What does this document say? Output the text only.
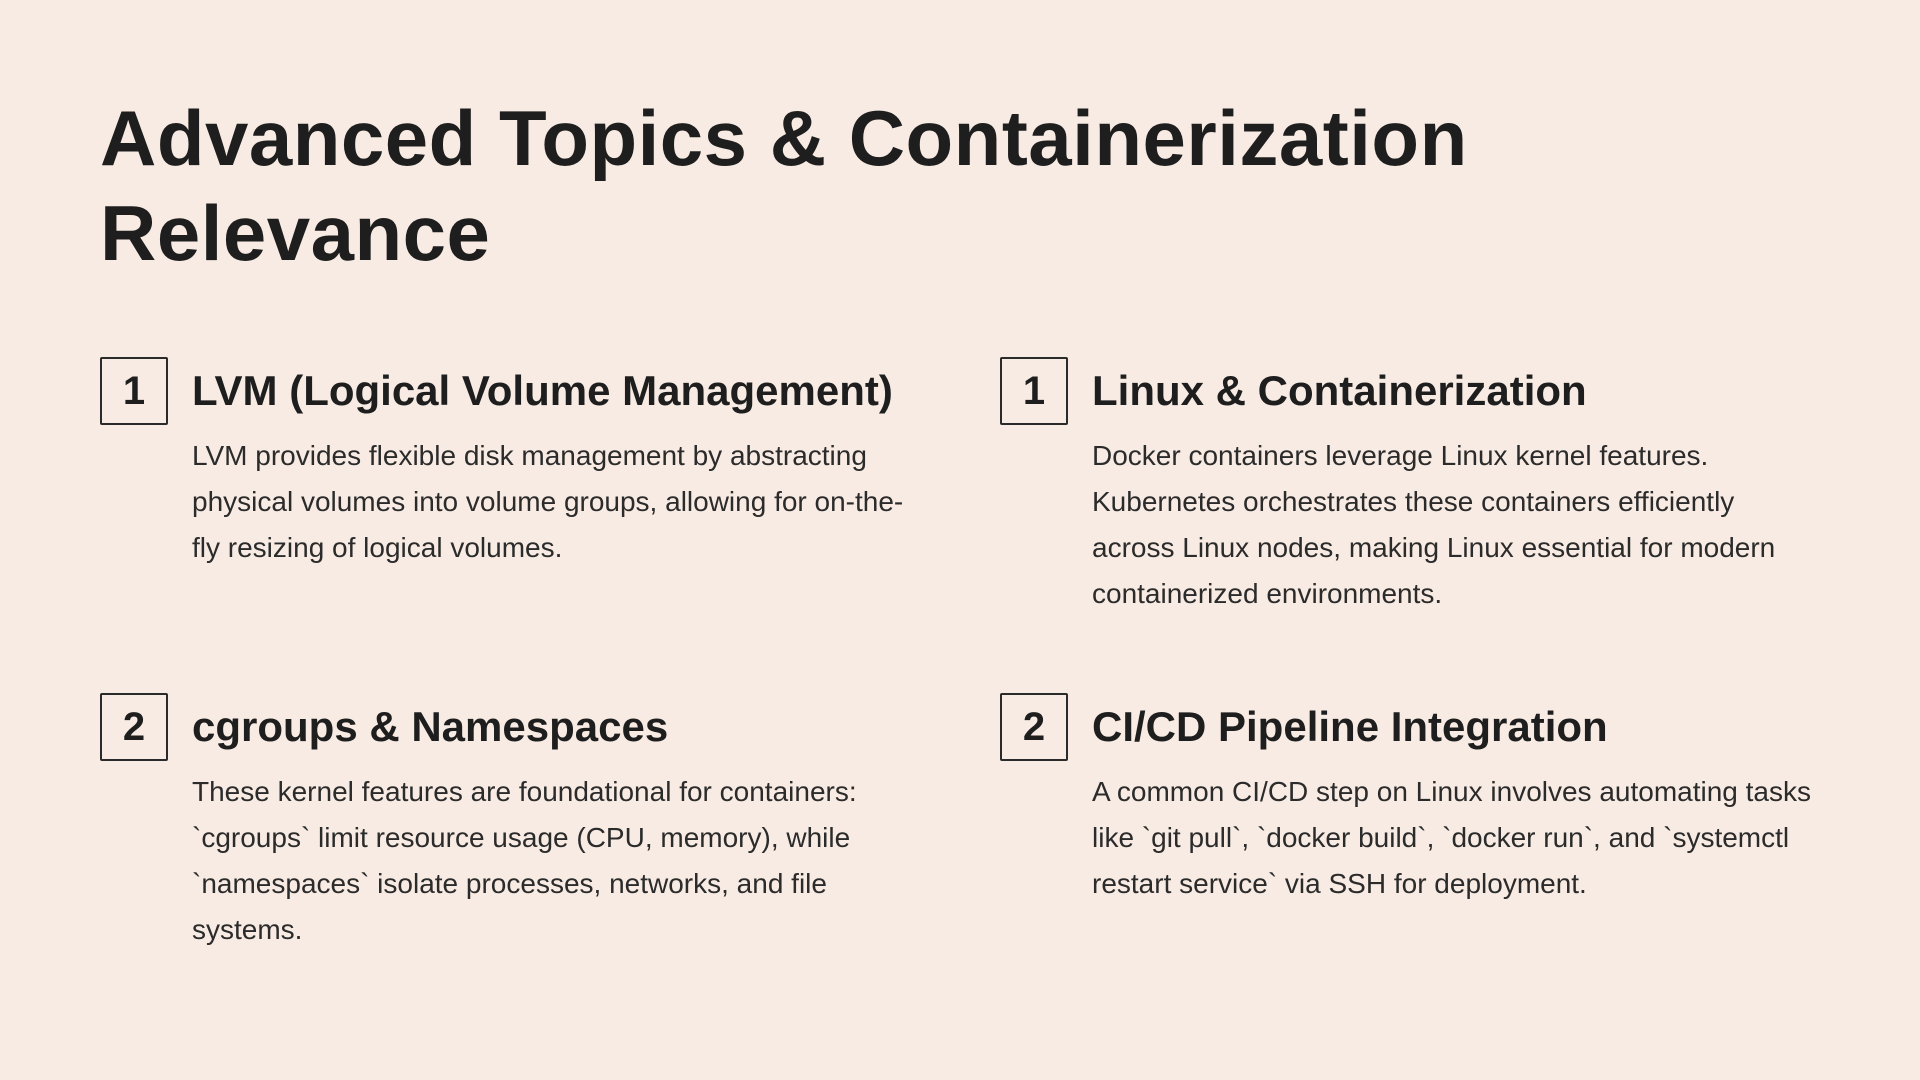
Advanced Topics & Containerization
Relevance
1	LVM (Logical Volume Management)
LVM provides flexible disk management by abstracting physical volumes into volume groups, allowing for on-the-fly resizing of logical volumes.
1	Linux & Containerization
Docker containers leverage Linux kernel features. Kubernetes orchestrates these containers efficiently across Linux nodes, making Linux essential for modern containerized environments.
2	cgroups & Namespaces
These kernel features are foundational for containers: `cgroups` limit resource usage (CPU, memory), while `namespaces` isolate processes, networks, and file systems.
2	CI/CD Pipeline Integration
A common CI/CD step on Linux involves automating tasks like `git pull`, `docker build`, `docker run`, and `systemctl restart service` via SSH for deployment.
